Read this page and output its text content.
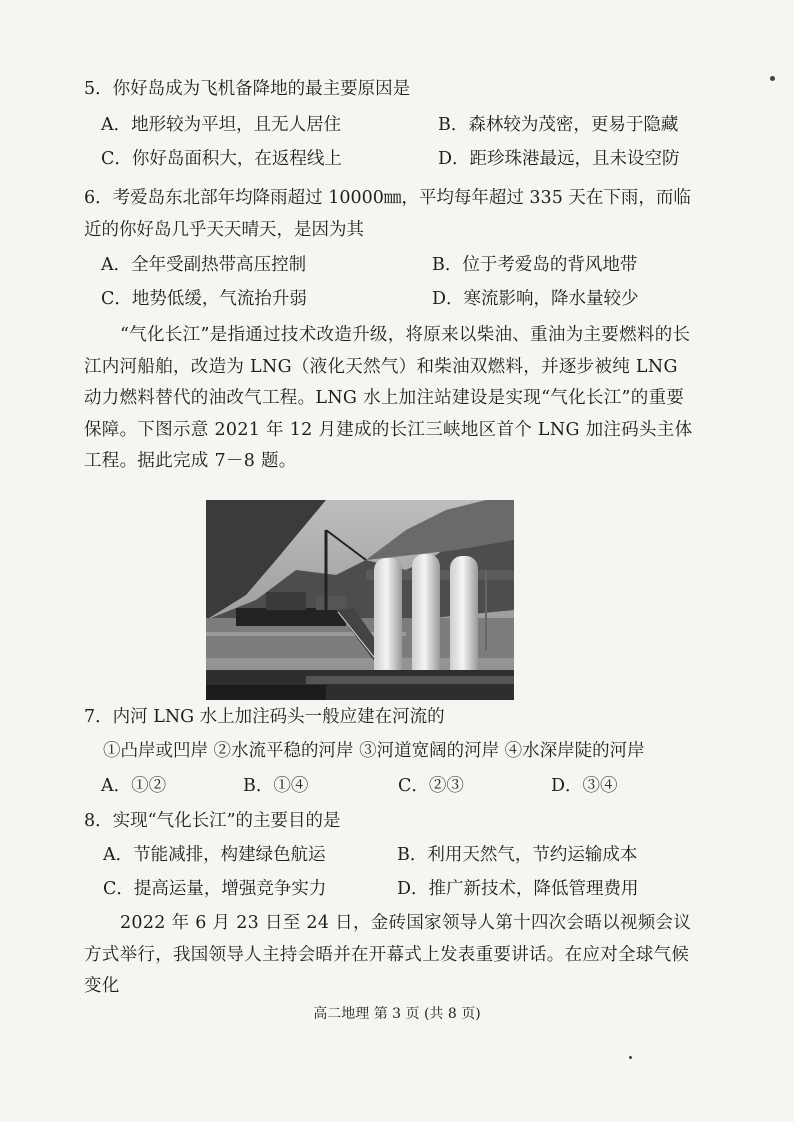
5．你好岛成为飞机备降地的最主要原因是
A．地形较为平坦，且无人居住	B．森林较为茂密，更易于隐藏
C．你好岛面积大，在返程线上	D．距珍珠港最远，且未设空防
6．考爱岛东北部年均降雨超过 10000㎜，平均每年超过 335 天在下雨，而临
近的你好岛几乎天天晴天，是因为其
A．全年受副热带高压控制	B．位于考爱岛的背风地带
C．地势低缓，气流抬升弱	D．寒流影响，降水量较少
“气化长江”是指通过技术改造升级，将原来以柴油、重油为主要燃料的长江内河船舶，改造为 LNG（液化天然气）和柴油双燃料，并逐步被纯 LNG 动力燃料替代的油改气工程。LNG 水上加注站建设是实现“气化长江”的重要保障。下图示意 2021 年 12 月建成的长江三峡地区首个 LNG 加注码头主体工程。据此完成 7－8 题。
7．内河 LNG 水上加注码头一般应建在河流的
①凸岸或凹岸 ②水流平稳的河岸 ③河道宽阔的河岸 ④水深岸陡的河岸
A．①②	B．①④	C．②③	D．③④
8．实现“气化长江”的主要目的是
A．节能减排，构建绿色航运	B．利用天然气，节约运输成本
C．提高运量，增强竞争实力	D．推广新技术，降低管理费用
2022 年 6 月 23 日至 24 日，金砖国家领导人第十四次会晤以视频会议方式举行，我国领导人主持会晤并在开幕式上发表重要讲话。在应对全球气候变化
高二地理 第 3 页 (共 8 页)
